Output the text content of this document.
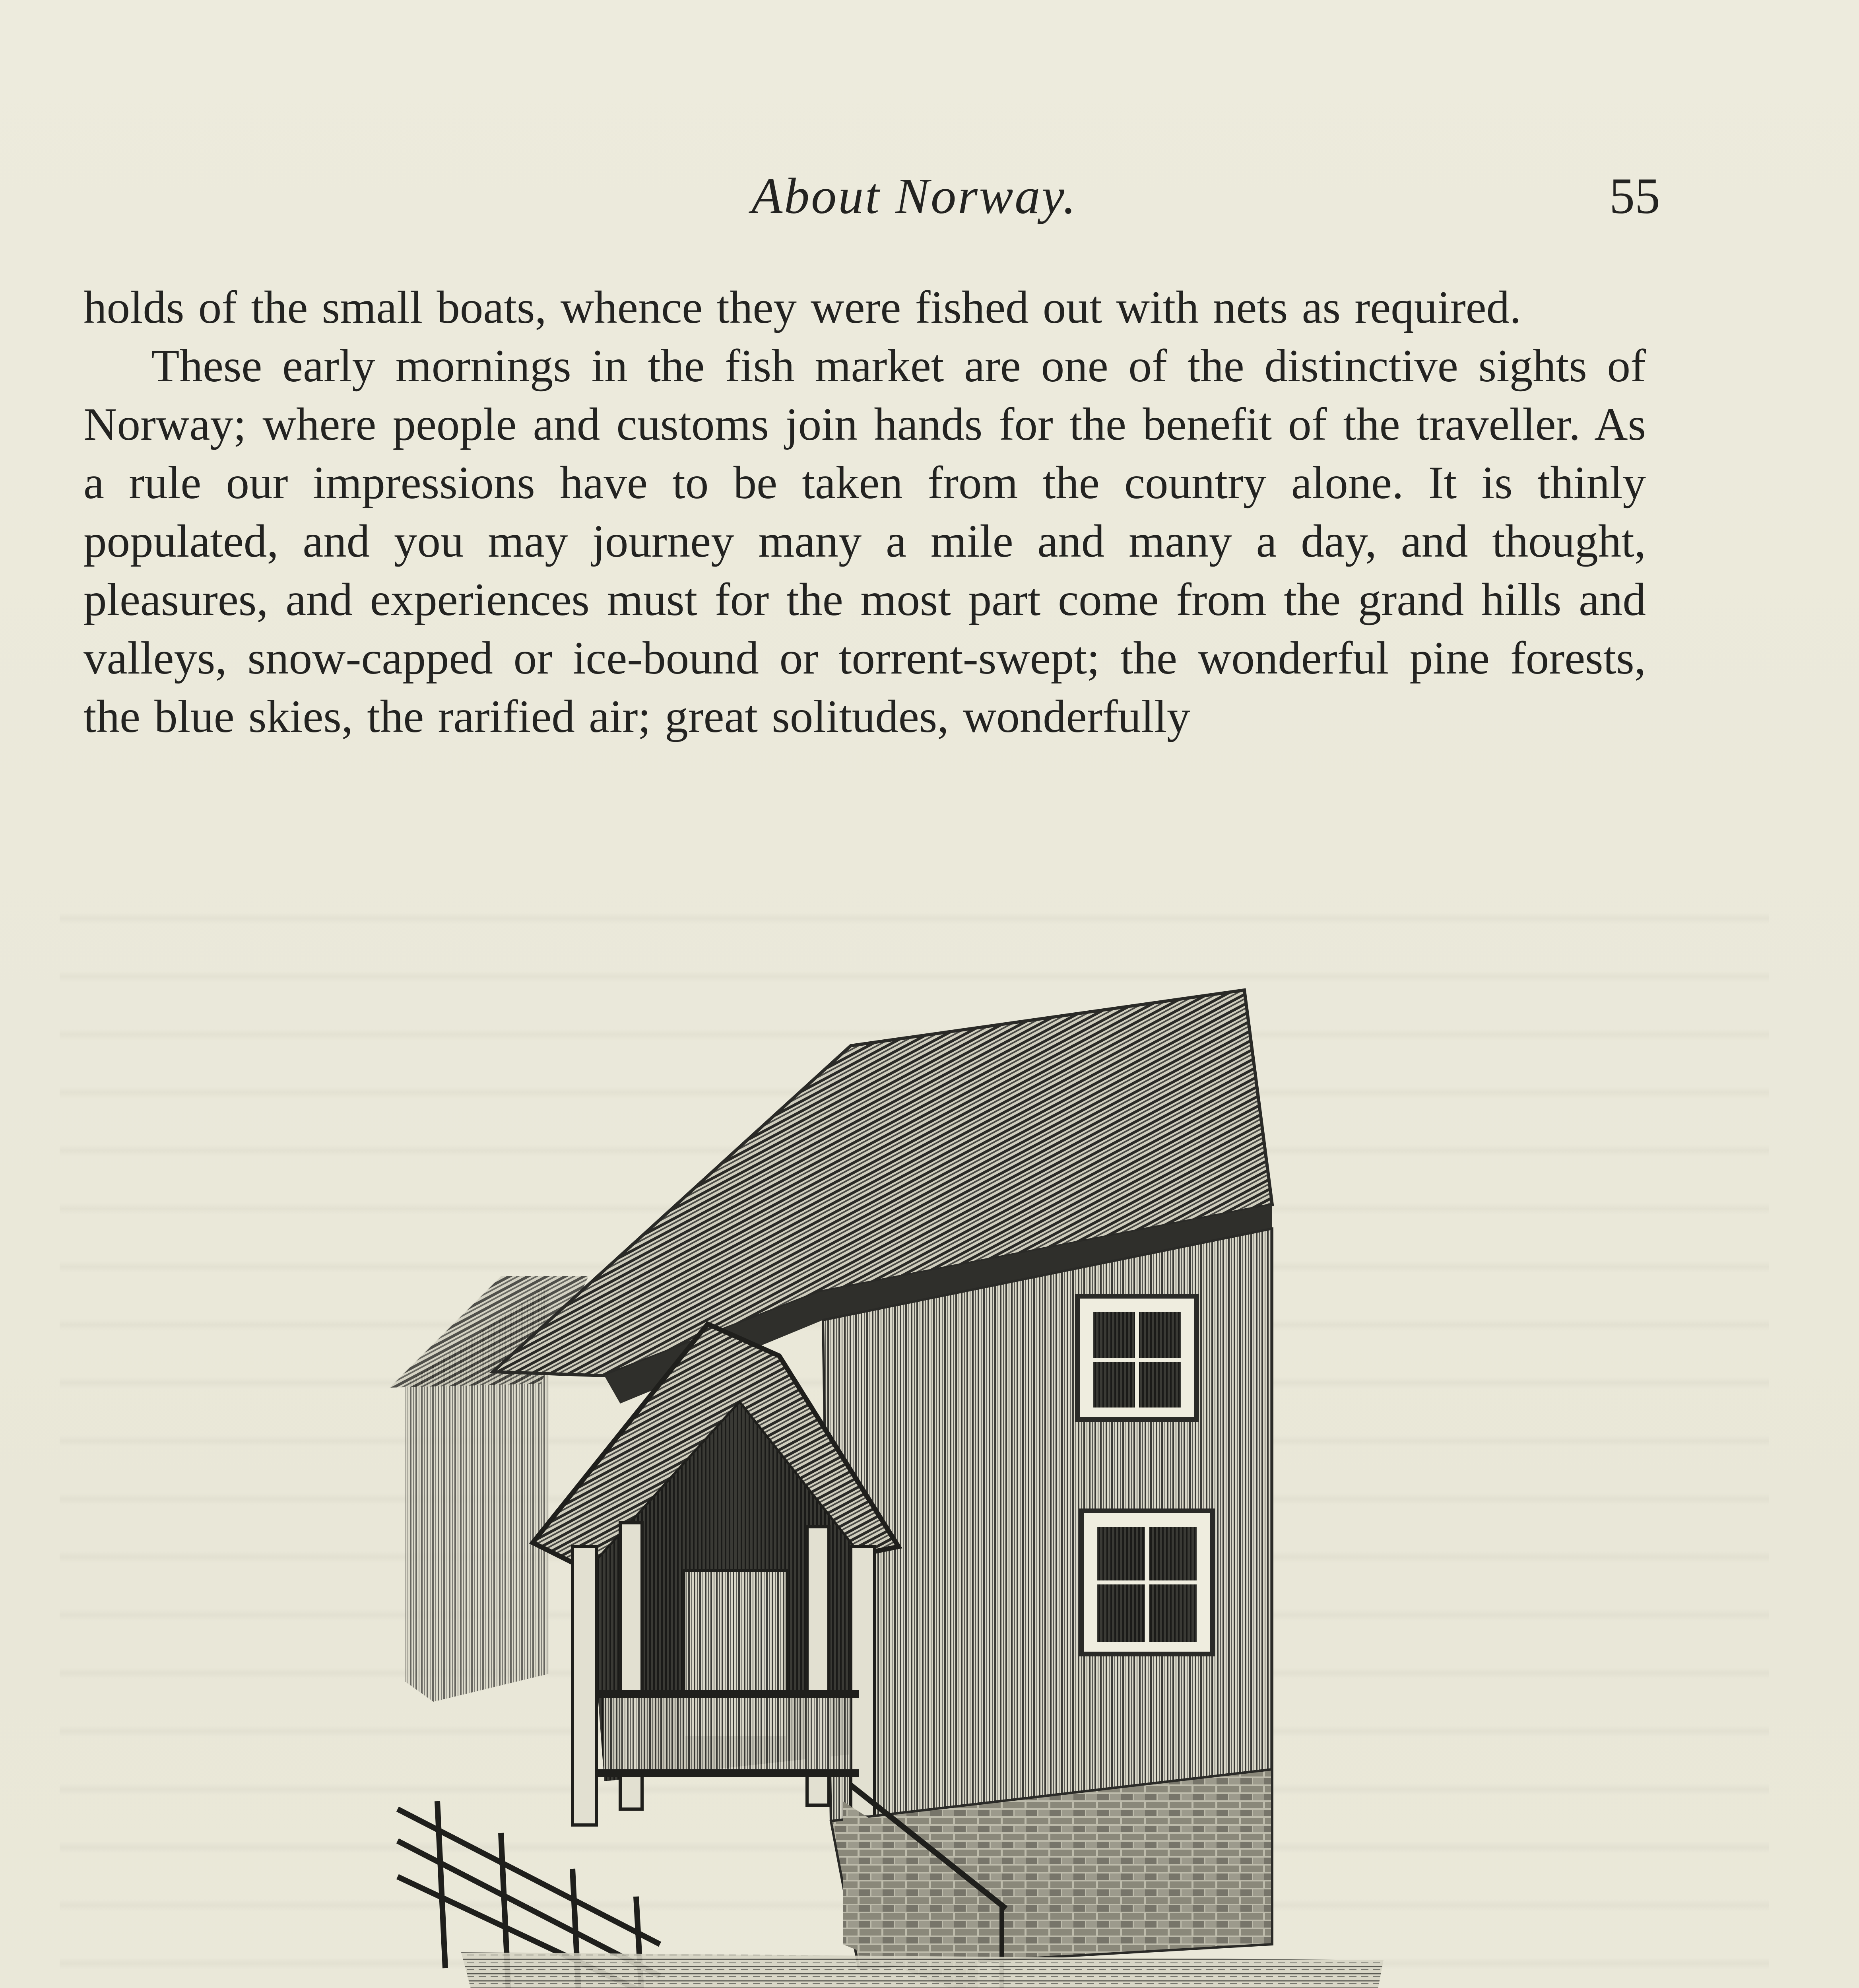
About Norway.	55

holds of the small boats, whence they were fished out with nets as required.

These early mornings in the fish market are one of the distinctive sights of Norway; where people and customs join hands for the benefit of the traveller. As a rule our impressions have to be taken from the country alone. It is thinly populated, and you may journey many a mile and many a day, and thought, pleasures, and experiences must for the most part come from the grand hills and valleys, snow-capped or ice-bound or torrent-swept; the wonderful pine forests, the blue skies, the rarified air; great solitudes, wonderfully
